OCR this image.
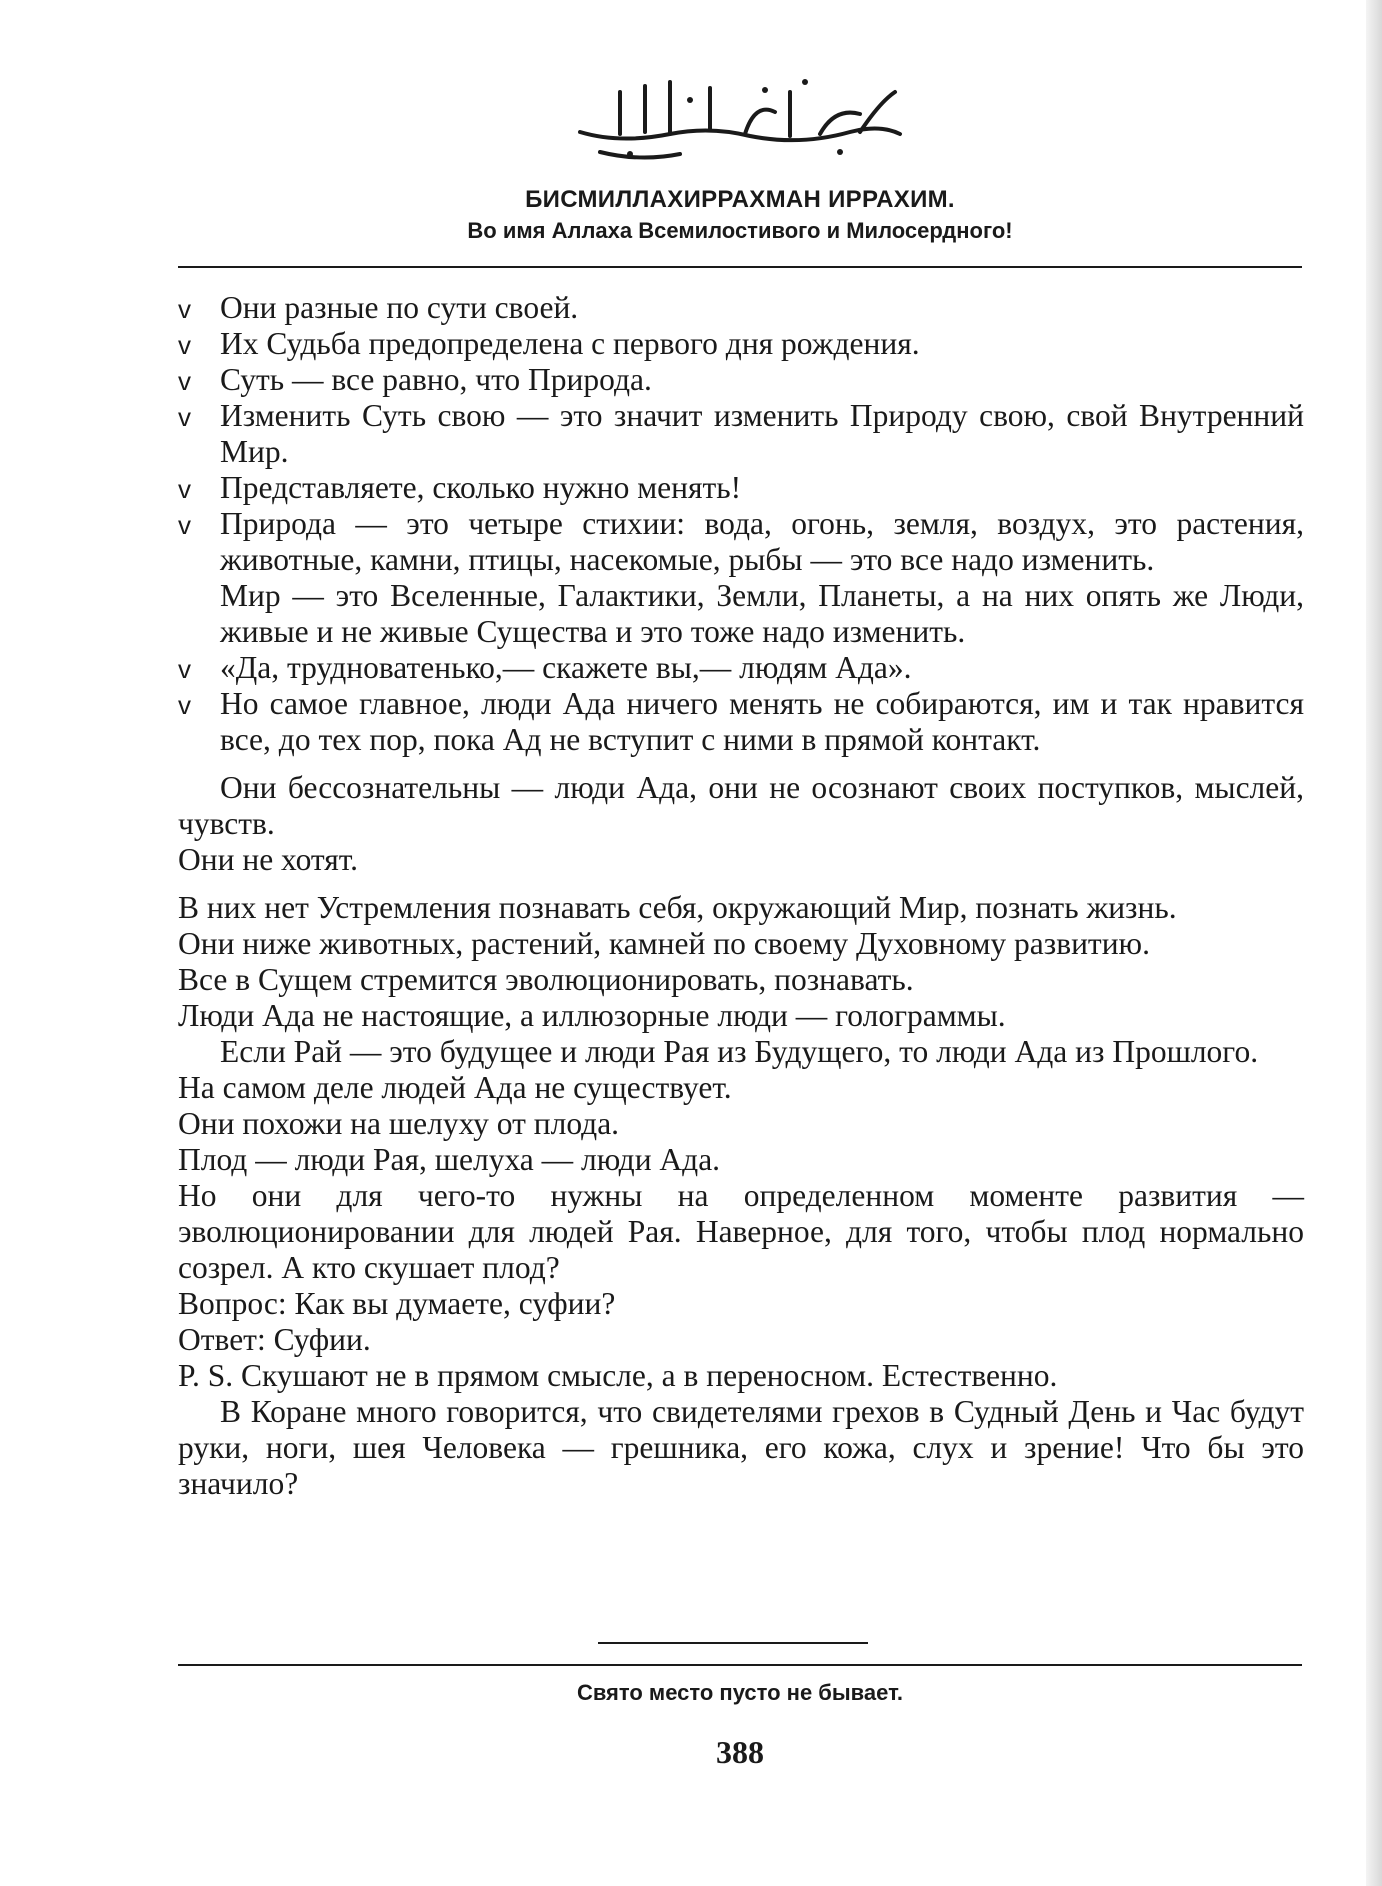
БИСМИЛЛАХИРРАХМАН ИРРАХИМ.
Во имя Аллаха Всемилостивого и Милосердного!
v Они разные по сути своей.
v Их Судьба предопределена с первого дня рождения.
v Суть — все равно, что Природа.
v Изменить Суть свою — это значит изменить Природу свою, свой Внутренний Мир.
v Представляете, сколько нужно менять!
v Природа — это четыре стихии: вода, огонь, земля, воздух, это растения, животные, камни, птицы, насекомые, рыбы — это все надо изменить.
Мир — это Вселенные, Галактики, Земли, Планеты, а на них опять же Люди, живые и не живые Существа и это тоже надо изменить.
v «Да, трудноватенько,— скажете вы,— людям Ада».
v Но самое главное, люди Ада ничего менять не собираются, им и так нравится все, до тех пор, пока Ад не вступит с ними в прямой контакт.
Они бессознательны — люди Ада, они не осознают своих поступков, мыслей, чувств.
Они не хотят.
В них нет Устремления познавать себя, окружающий Мир, познать жизнь.
Они ниже животных, растений, камней по своему Духовному развитию.
Все в Сущем стремится эволюционировать, познавать.
Люди Ада не настоящие, а иллюзорные люди — голограммы.
Если Рай — это будущее и люди Рая из Будущего, то люди Ада из Прошлого.
На самом деле людей Ада не существует.
Они похожи на шелуху от плода.
Плод — люди Рая, шелуха — люди Ада.
Но они для чего-то нужны на определенном моменте развития — эволюционировании для людей Рая. Наверное, для того, чтобы плод нормально созрел. А кто скушает плод?
Вопрос: Как вы думаете, суфии?
Ответ: Суфии.
P. S. Скушают не в прямом смысле, а в переносном. Естественно.
В Коране много говорится, что свидетелями грехов в Судный День и Час будут руки, ноги, шея Человека — грешника, его кожа, слух и зрение! Что бы это значило?
Свято место пусто не бывает.
388
